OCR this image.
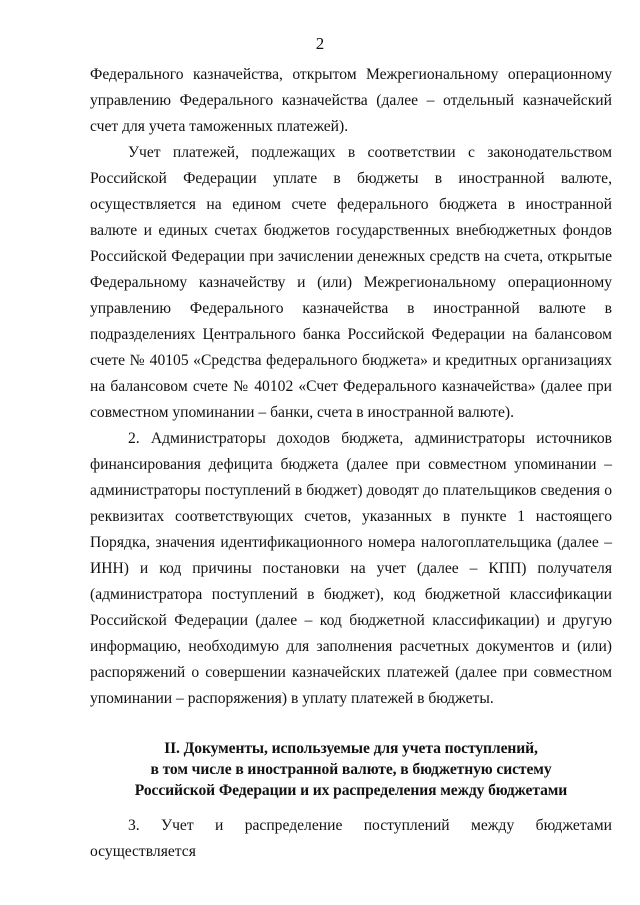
2

Федерального казначейства, открытом Межрегиональному операционному управлению Федерального казначейства (далее – отдельный казначейский счет для учета таможенных платежей).

Учет платежей, подлежащих в соответствии с законодательством Российской Федерации уплате в бюджеты в иностранной валюте, осуществляется на едином счете федерального бюджета в иностранной валюте и единых счетах бюджетов государственных внебюджетных фондов Российской Федерации при зачислении денежных средств на счета, открытые Федеральному казначейству и (или) Межрегиональному операционному управлению Федерального казначейства в иностранной валюте в подразделениях Центрального банка Российской Федерации на балансовом счете № 40105 «Средства федерального бюджета» и кредитных организациях на балансовом счете № 40102 «Счет Федерального казначейства» (далее при совместном упоминании – банки, счета в иностранной валюте).

2. Администраторы доходов бюджета, администраторы источников финансирования дефицита бюджета (далее при совместном упоминании – администраторы поступлений в бюджет) доводят до плательщиков сведения о реквизитах соответствующих счетов, указанных в пункте 1 настоящего Порядка, значения идентификационного номера налогоплательщика (далее – ИНН) и код причины постановки на учет (далее – КПП) получателя (администратора поступлений в бюджет), код бюджетной классификации Российской Федерации (далее – код бюджетной классификации) и другую информацию, необходимую для заполнения расчетных документов и (или) распоряжений о совершении казначейских платежей (далее при совместном упоминании – распоряжения) в уплату платежей в бюджеты.

II. Документы, используемые для учета поступлений,
в том числе в иностранной валюте, в бюджетную систему
Российской Федерации и их распределения между бюджетами

3. Учет и распределение поступлений между бюджетами осуществляется
